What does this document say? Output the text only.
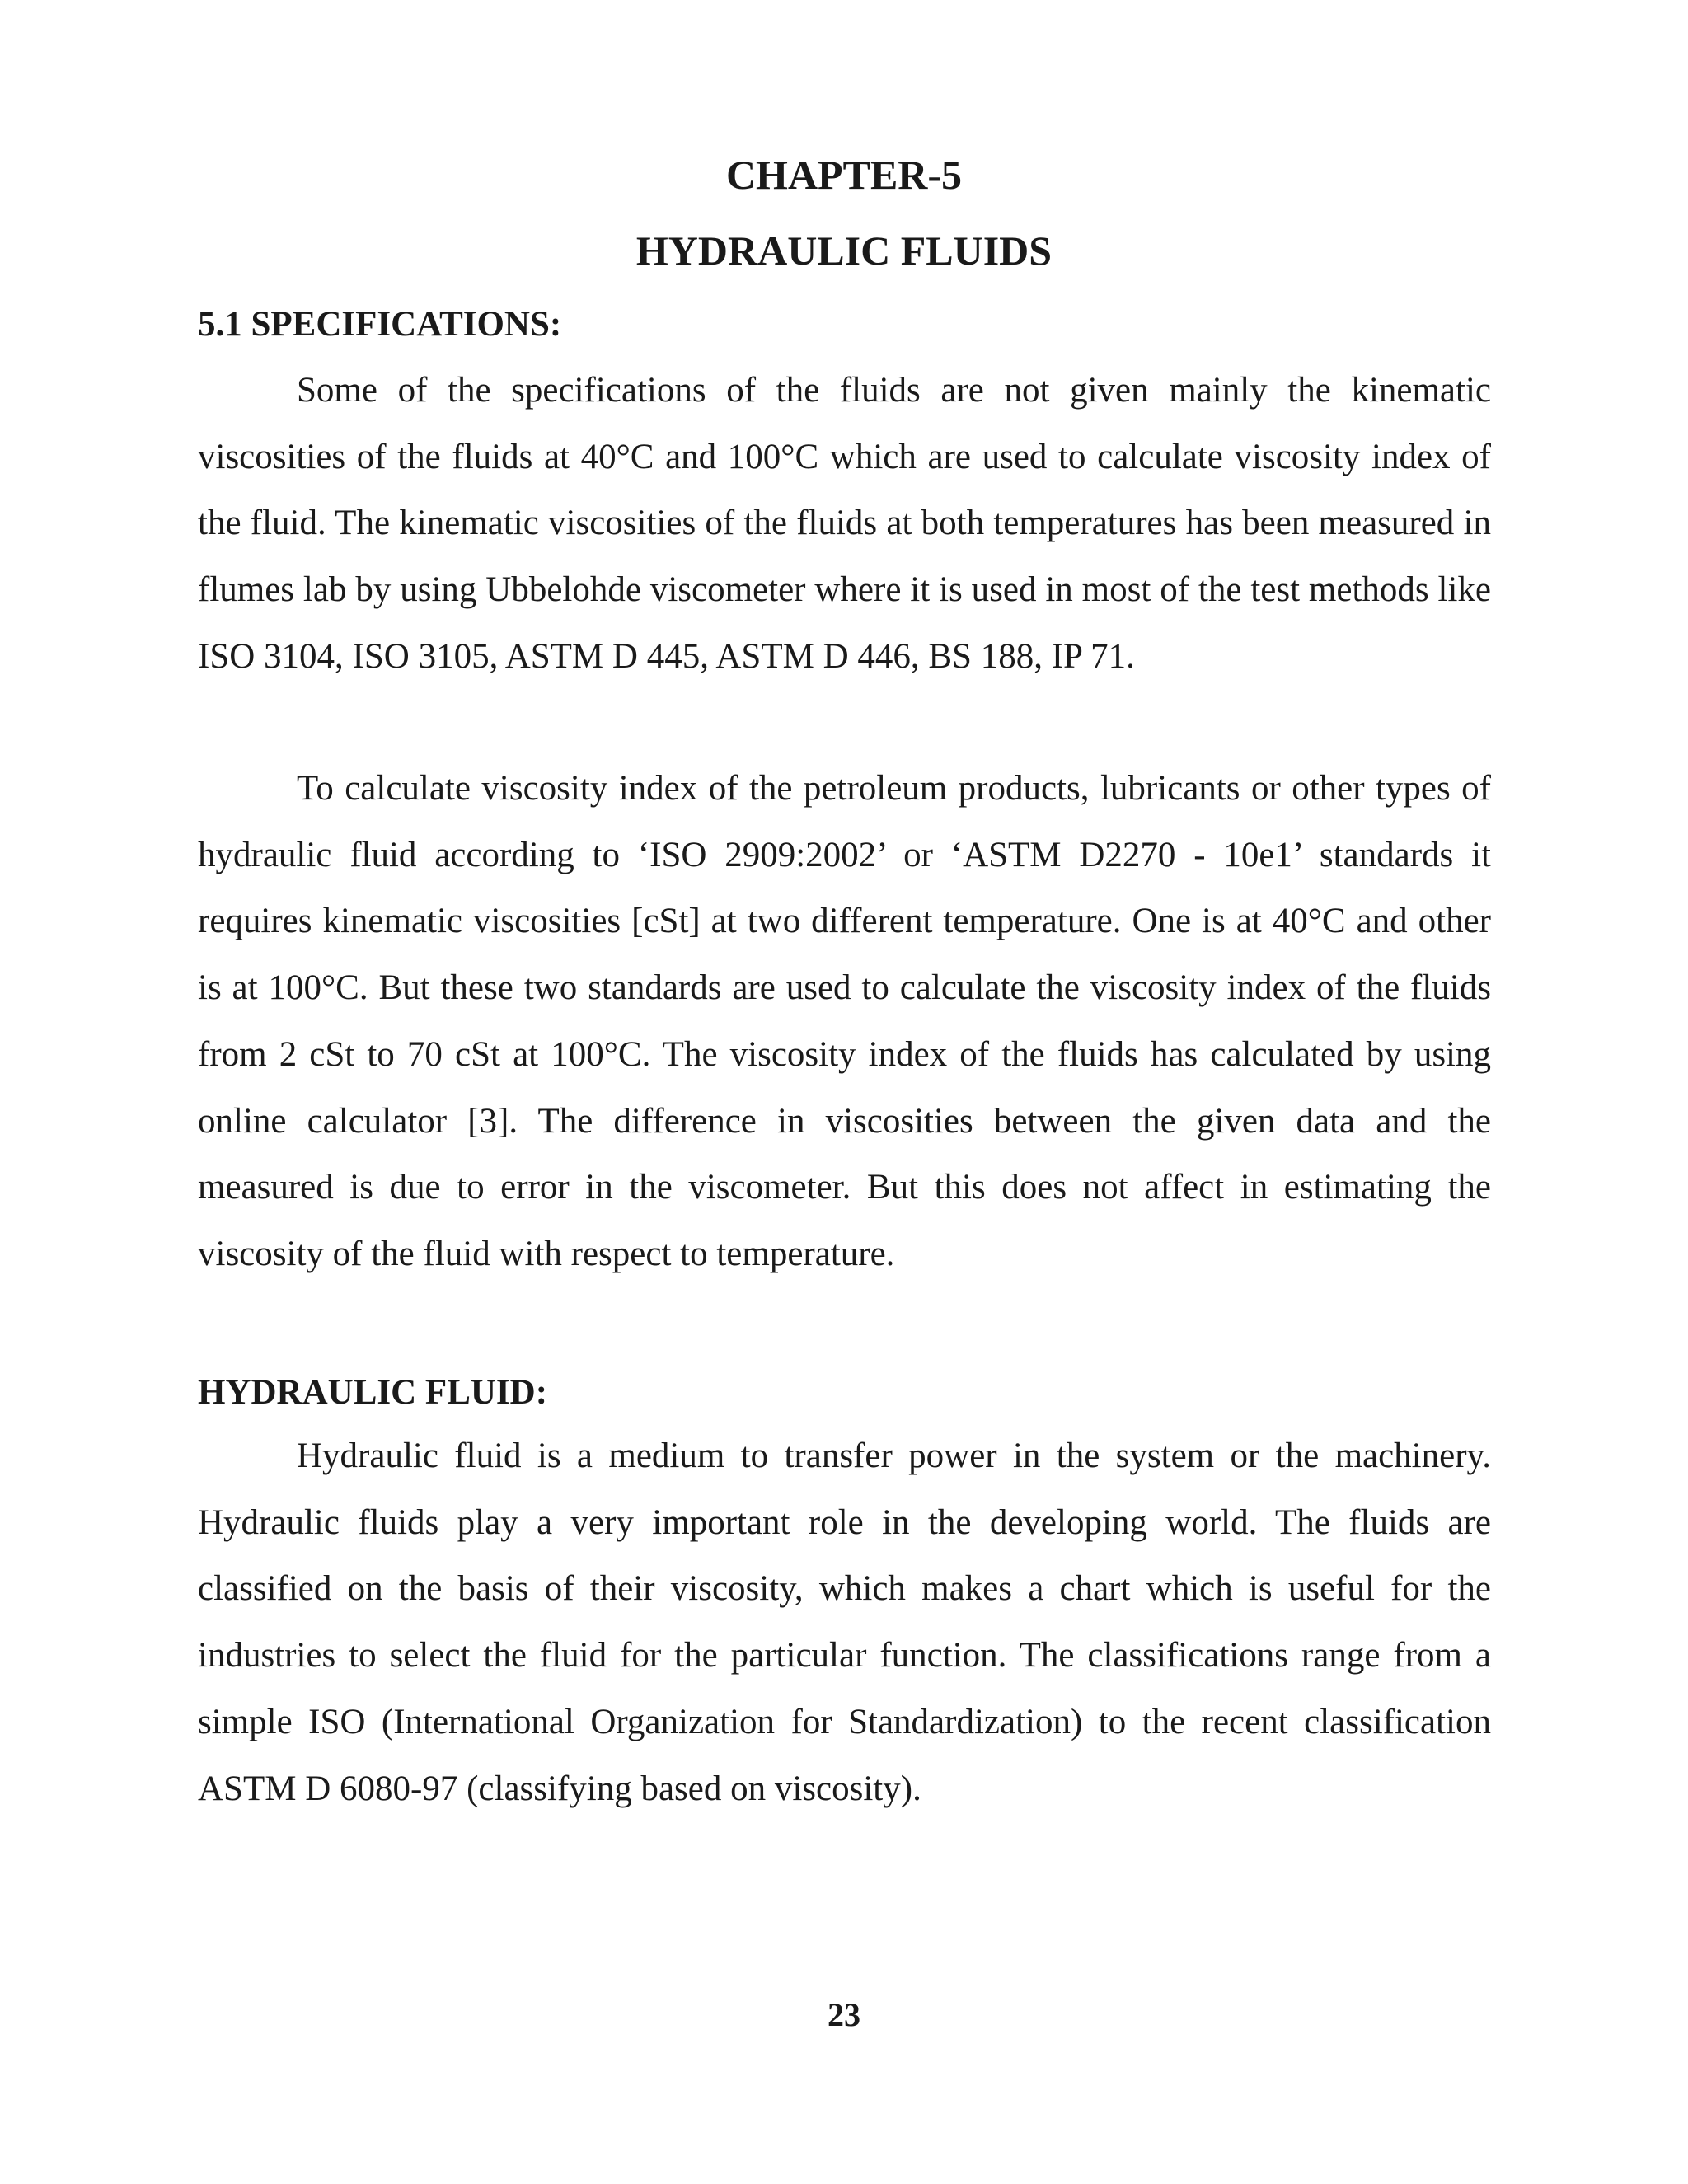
CHAPTER-5
HYDRAULIC FLUIDS
5.1 SPECIFICATIONS:

Some of the specifications of the fluids are not given mainly the kinematic viscosities of the fluids at 40°C and 100°C which are used to calculate viscosity index of the fluid. The kinematic viscosities of the fluids at both temperatures has been measured in flumes lab by using Ubbelohde viscometer where it is used in most of the test methods like ISO 3104, ISO 3105, ASTM D 445, ASTM D 446, BS 188, IP 71.

To calculate viscosity index of the petroleum products, lubricants or other types of hydraulic fluid according to ‘ISO 2909:2002’ or ‘ASTM D2270 - 10e1’ standards it requires kinematic viscosities [cSt] at two different temperature. One is at 40°C and other is at 100°C. But these two standards are used to calculate the viscosity index of the fluids from 2 cSt to 70 cSt at 100°C. The viscosity index of the fluids has calculated by using online calculator [3]. The difference in viscosities between the given data and the measured is due to error in the viscometer. But this does not affect in estimating the viscosity of the fluid with respect to temperature.

HYDRAULIC FLUID:

Hydraulic fluid is a medium to transfer power in the system or the machinery. Hydraulic fluids play a very important role in the developing world. The fluids are classified on the basis of their viscosity, which makes a chart which is useful for the industries to select the fluid for the particular function. The classifications range from a simple ISO (International Organization for Standardization) to the recent classification ASTM D 6080-97 (classifying based on viscosity).

23
